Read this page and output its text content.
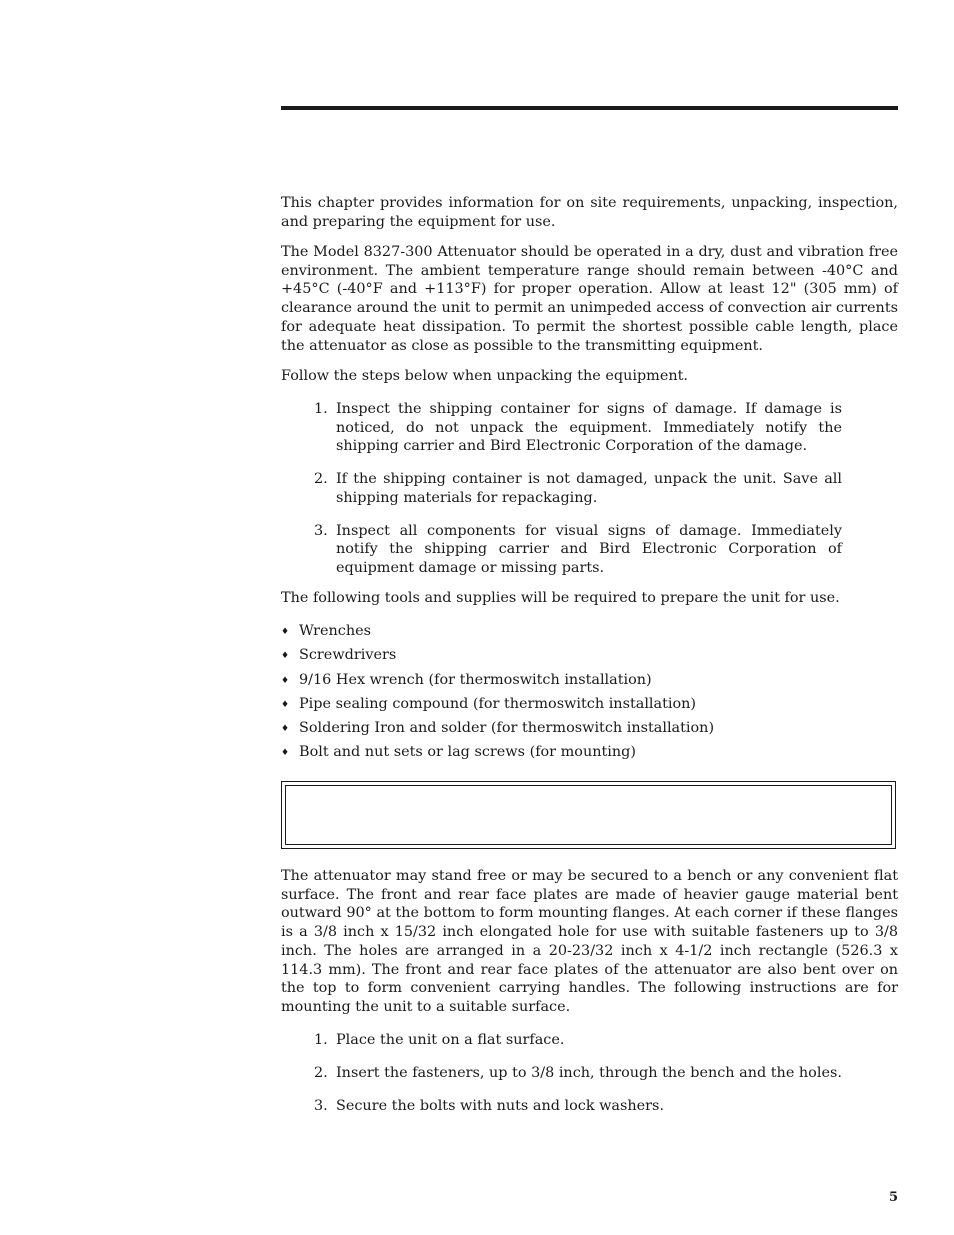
This chapter provides information for on site requirements, unpacking, inspection, and preparing the equipment for use.

The Model 8327-300 Attenuator should be operated in a dry, dust and vibration free environment. The ambient temperature range should remain between -40°C and +45°C (-40°F and +113°F) for proper operation. Allow at least 12" (305 mm) of clearance around the unit to permit an unimpeded access of convection air currents for adequate heat dissipation. To permit the shortest possible cable length, place the attenuator as close as possible to the transmitting equipment.

Follow the steps below when unpacking the equipment.

1. Inspect the shipping container for signs of damage. If damage is noticed, do not unpack the equipment. Immediately notify the shipping carrier and Bird Electronic Corporation of the damage.
2. If the shipping container is not damaged, unpack the unit. Save all shipping materials for repackaging.
3. Inspect all components for visual signs of damage. Immediately notify the shipping carrier and Bird Electronic Corporation of equipment damage or missing parts.

The following tools and supplies will be required to prepare the unit for use.

♦ Wrenches
♦ Screwdrivers
♦ 9/16 Hex wrench (for thermoswitch installation)
♦ Pipe sealing compound (for thermoswitch installation)
♦ Soldering Iron and solder (for thermoswitch installation)
♦ Bolt and nut sets or lag screws (for mounting)

The attenuator may stand free or may be secured to a bench or any convenient flat surface. The front and rear face plates are made of heavier gauge material bent outward 90° at the bottom to form mounting flanges. At each corner if these flanges is a 3/8 inch x 15/32 inch elongated hole for use with suitable fasteners up to 3/8 inch. The holes are arranged in a 20-23/32 inch x 4-1/2 inch rectangle (526.3 x 114.3 mm). The front and rear face plates of the attenuator are also bent over on the top to form convenient carrying handles. The following instructions are for mounting the unit to a suitable surface.

1. Place the unit on a flat surface.
2. Insert the fasteners, up to 3/8 inch, through the bench and the holes.
3. Secure the bolts with nuts and lock washers.
5
